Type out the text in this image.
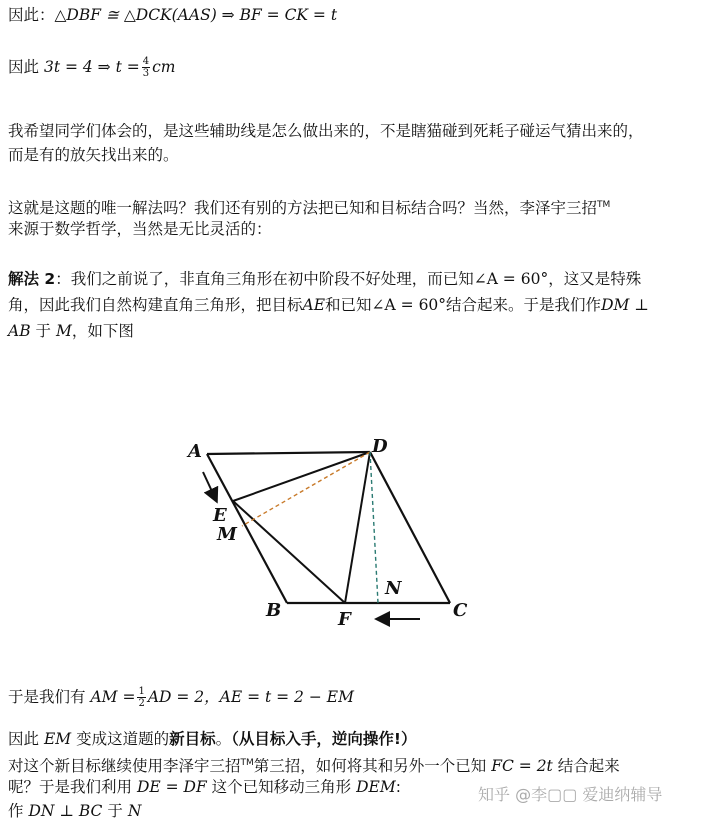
因此：△DBF ≅ △DCK(AAS) ⇒ BF = CK = t
因此 3t = 4 ⇒ $t = \frac{4}{3}$ cm
我希望同学们体会的，是这些辅助线是怎么做出来的，不是瞎猫碰到死耗子碰运气猜出来的，
而是有的放矢找出来的。
这就是这题的唯一解法吗？我们还有别的方法把已知和目标结合吗？当然，李泽宇三招™
来源于数学哲学，当然是无比灵活的：
解法 2：我们之前说了，非直角三角形在初中阶段不好处理，而已知∠A = 60°，这又是特殊
角，因此我们自然构建直角三角形，把目标AE和已知∠A = 60°结合起来。于是我们作DM ⊥
AB 于 M，如下图
A	D
E
M
B	F	C
N
于是我们有 AM = $\frac{1}{2}$ AD = 2，AE = t = 2 − EM
因此 EM 变成这道题的新目标。（从目标入手，逆向操作!）
对这个新目标继续使用李泽宇三招™第三招，如何将其和另外一个已知 FC = 2t 结合起来
呢？于是我们利用 DE = DF 这个已知移动三角形 DEM:
作 DN ⊥ BC 于 N
知乎 @李▢▢ 爱迪纳辅导
